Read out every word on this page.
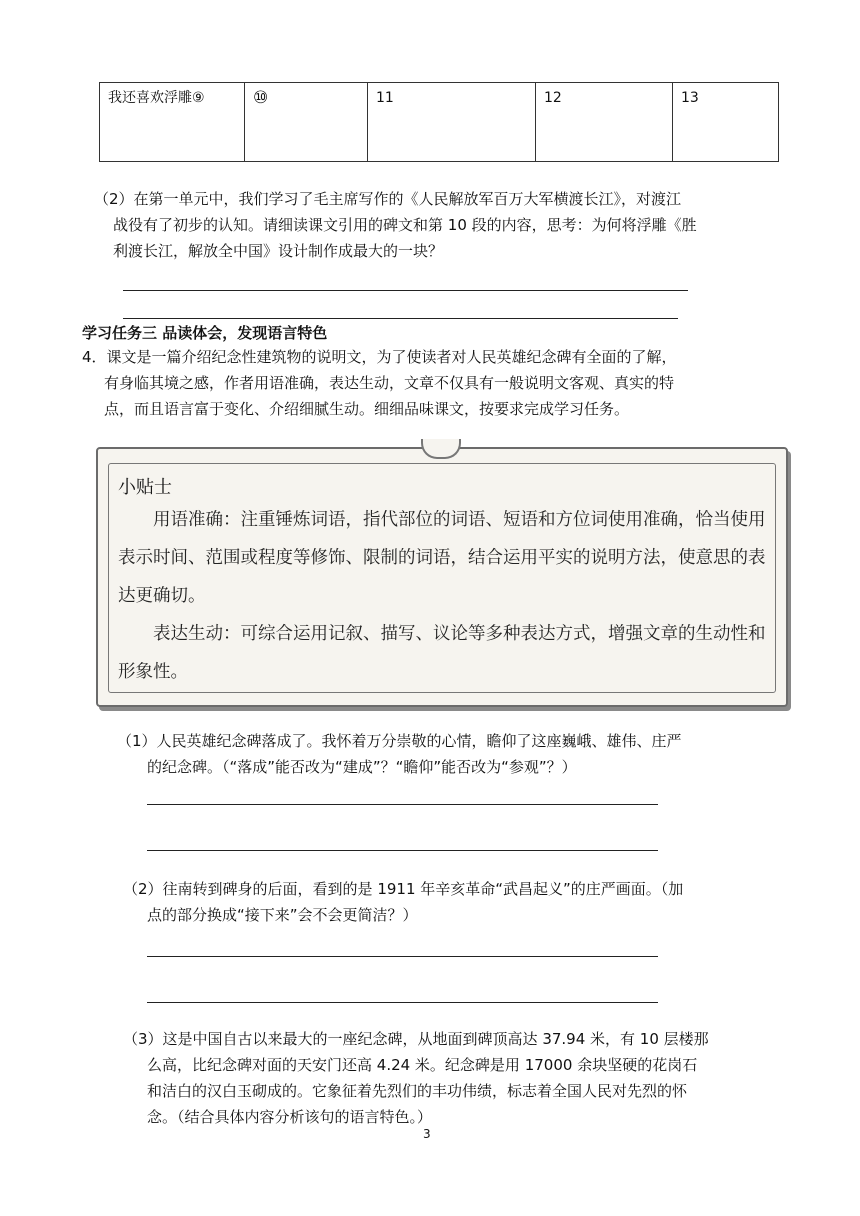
我还喜欢浮雕⑨	⑩	11	12	13
（2）在第一单元中，我们学习了毛主席写作的《人民解放军百万大军横渡长江》，对渡江
战役有了初步的认知。请细读课文引用的碑文和第 10 段的内容，思考：为何将浮雕《胜
利渡长江，解放全中国》设计制作成最大的一块？
学习任务三 品读体会，发现语言特色
4．课文是一篇介绍纪念性建筑物的说明文，为了使读者对人民英雄纪念碑有全面的了解，
有身临其境之感，作者用语准确，表达生动，文章不仅具有一般说明文客观、真实的特
点，而且语言富于变化、介绍细腻生动。细细品味课文，按要求完成学习任务。
小贴士

用语准确：注重锤炼词语，指代部位的词语、短语和方位词使用准确，恰当使用表示时间、范围或程度等修饰、限制的词语，结合运用平实的说明方法，使意思的表达更确切。

表达生动：可综合运用记叙、描写、议论等多种表达方式，增强文章的生动性和形象性。

（1）人民英雄纪念碑落成了。我怀着万分崇敬的心情，瞻仰了这座巍峨、雄伟、庄严
的纪念碑。（“落成”能否改为“建成”？“瞻仰”能否改为“参观”？）
（2）往南转到碑身的后面，看到的是 1911 年辛亥革命“武昌起义”的庄严画面。（加
点的部分换成“接下来”会不会更简洁？）
（3）这是中国自古以来最大的一座纪念碑，从地面到碑顶高达 37.94 米，有 10 层楼那
么高，比纪念碑对面的天安门还高 4.24 米。纪念碑是用 17000 余块坚硬的花岗石
和洁白的汉白玉砌成的。它象征着先烈们的丰功伟绩，标志着全国人民对先烈的怀
念。（结合具体内容分析该句的语言特色。）
3
